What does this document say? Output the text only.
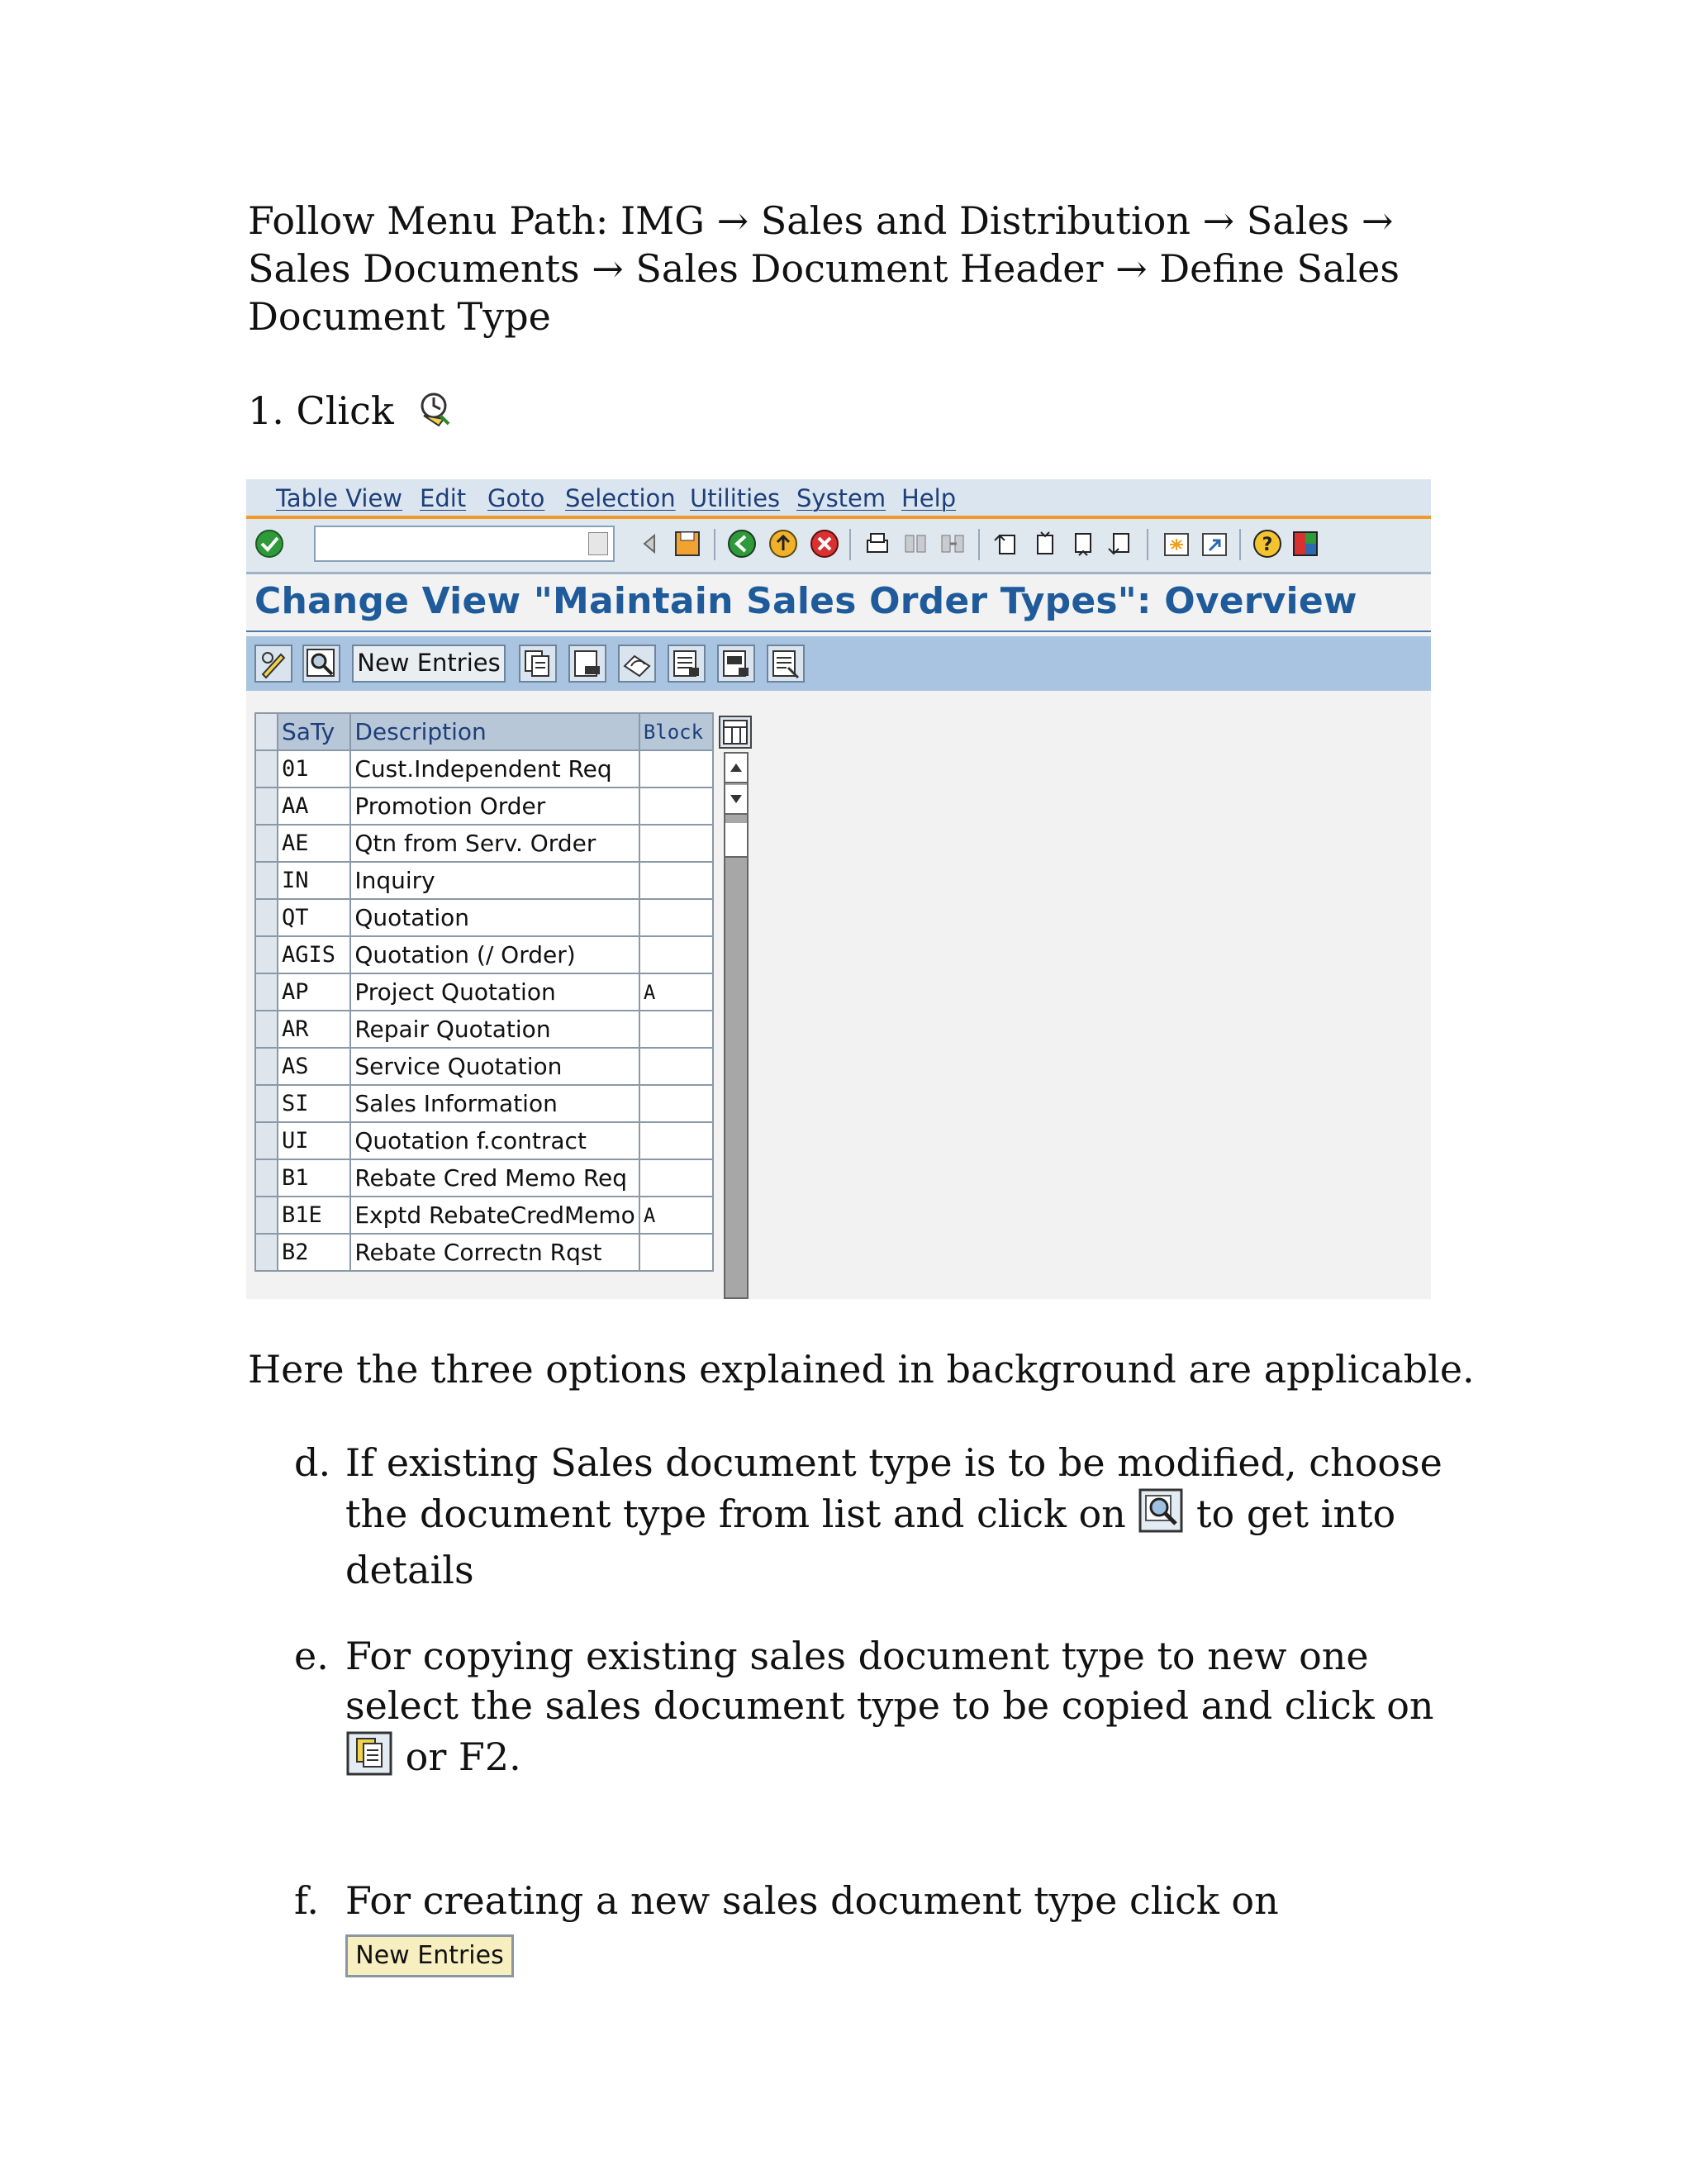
Follow Menu Path: IMG → Sales and Distribution → Sales →
Sales Documents → Sales Document Header → Define Sales
Document Type
1. Click
Table View Edit Goto Selection Utilities System Help
?
Change View "Maintain Sales Order Types": Overview
New Entries
	SaTy	Description	Block
	01	Cust.Independent Req	
	AA	Promotion Order	
	AE	Qtn from Serv. Order	
	IN	Inquiry	
	QT	Quotation	
	AGIS	Quotation (/ Order)	
	AP	Project Quotation	A
	AR	Repair Quotation	
	AS	Service Quotation	
	SI	Sales Information	
	UI	Quotation f.contract	
	B1	Rebate Cred Memo Req	
	B1E	Exptd RebateCredMemo	A
	B2	Rebate Correctn Rqst	
Here the three options explained in background are applicable.
d. If existing Sales document type is to be modified, choose the document type from list and click on to get into details
e. For copying existing sales document type to new one select the sales document type to be copied and click on
or F2.
f. For creating a new sales document type click on
New Entries
